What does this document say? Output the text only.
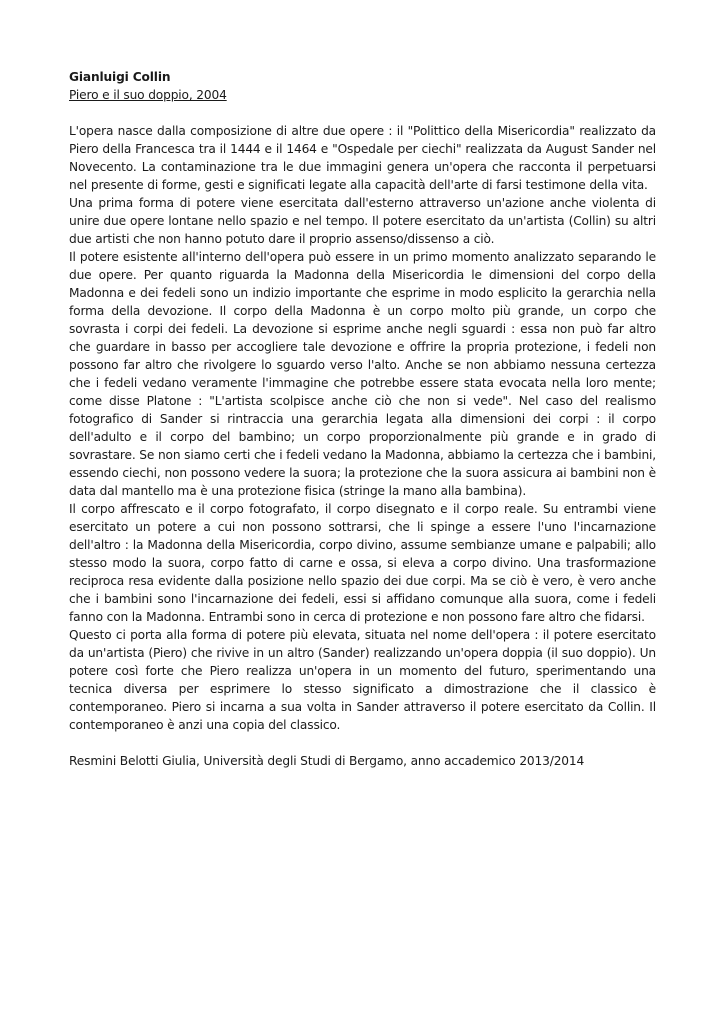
Gianluigi Collin

Piero e il suo doppio, 2004

L'opera nasce dalla composizione di altre due opere : il "Polittico della Misericordia" realizzato da Piero della Francesca tra il 1444 e il 1464 e "Ospedale per ciechi" realizzata da August Sander nel Novecento. La contaminazione tra le due immagini genera un'opera che racconta il perpetuarsi nel presente di forme, gesti e significati legate alla capacità dell'arte di farsi testimone della vita.

Una prima forma di potere viene esercitata dall'esterno attraverso un'azione anche violenta di unire due opere lontane nello spazio e nel tempo. Il potere esercitato da un'artista (Collin) su altri due artisti che non hanno potuto dare il proprio assenso/dissenso a ciò.

Il potere esistente all'interno dell'opera può essere in un primo momento analizzato separando le due opere. Per quanto riguarda la Madonna della Misericordia le dimensioni del corpo della Madonna e dei fedeli sono un indizio importante che esprime in modo esplicito la gerarchia nella forma della devozione. Il corpo della Madonna è un corpo molto più grande, un corpo che sovrasta i corpi dei fedeli. La devozione si esprime anche negli sguardi : essa non può far altro che guardare in basso per accogliere tale devozione e offrire la propria protezione, i fedeli non possono far altro che rivolgere lo sguardo verso l'alto. Anche se non abbiamo nessuna certezza che i fedeli vedano veramente l'immagine che potrebbe essere stata evocata nella loro mente; come disse Platone : "L'artista scolpisce anche ciò che non si vede". Nel caso del realismo fotografico di Sander si rintraccia una gerarchia legata alla dimensioni dei corpi : il corpo dell'adulto e il corpo del bambino; un corpo proporzionalmente più grande e in grado di sovrastare. Se non siamo certi che i fedeli vedano la Madonna, abbiamo la certezza che i bambini, essendo ciechi, non possono vedere la suora; la protezione che la suora assicura ai bambini non è data dal mantello ma è una protezione fisica (stringe la mano alla bambina).

Il corpo affrescato e il corpo fotografato, il corpo disegnato e il corpo reale. Su entrambi viene esercitato un potere a cui non possono sottrarsi, che li spinge a essere l'uno l'incarnazione dell'altro : la Madonna della Misericordia, corpo divino, assume sembianze umane e palpabili; allo stesso modo la suora, corpo fatto di carne e ossa, si eleva a corpo divino. Una trasformazione reciproca resa evidente dalla posizione nello spazio dei due corpi. Ma se ciò è vero, è vero anche che i bambini sono l'incarnazione dei fedeli, essi si affidano comunque alla suora, come i fedeli fanno con la Madonna. Entrambi sono in cerca di protezione e non possono fare altro che fidarsi.

Questo ci porta alla forma di potere più elevata, situata nel nome dell'opera : il potere esercitato da un'artista (Piero) che rivive in un altro (Sander) realizzando un'opera doppia (il suo doppio). Un potere così forte che Piero realizza un'opera in un momento del futuro, sperimentando una tecnica diversa per esprimere lo stesso significato a dimostrazione che il classico è contemporaneo. Piero si incarna a sua volta in Sander attraverso il potere esercitato da Collin. Il contemporaneo è anzi una copia del classico.

Resmini Belotti Giulia, Università degli Studi di Bergamo, anno accademico 2013/2014
